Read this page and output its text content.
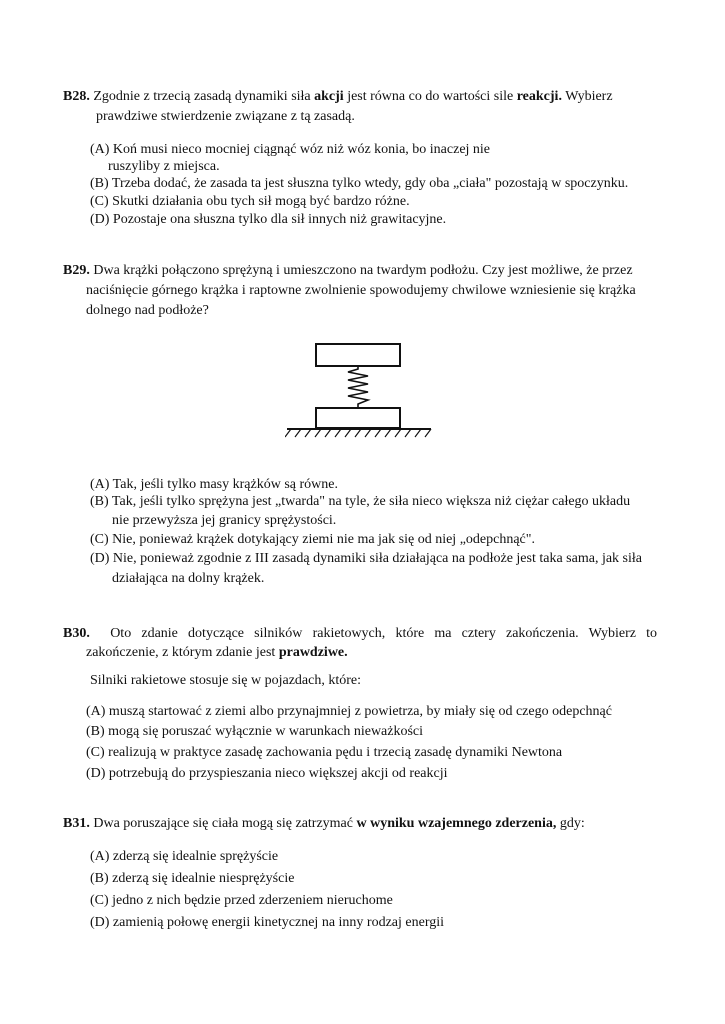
B28. Zgodnie z trzecią zasadą dynamiki siła akcji jest równa co do wartości sile reakcji. Wybierz
prawdziwe stwierdzenie związane z tą zasadą.
(A) Koń musi nieco mocniej ciągnąć wóz niż wóz konia, bo inaczej nie
ruszyliby z miejsca.
(B) Trzeba dodać, że zasada ta jest słuszna tylko wtedy, gdy oba „ciała" pozostają w spoczynku.
(C) Skutki działania obu tych sił mogą być bardzo różne.
(D) Pozostaje ona słuszna tylko dla sił innych niż grawitacyjne.
B29. Dwa krążki połączono sprężyną i umieszczono na twardym podłożu. Czy jest możliwe, że przez
naciśnięcie górnego krążka i raptowne zwolnienie spowodujemy chwilowe wzniesienie się krążka
dolnego nad podłoże?
(A) Tak, jeśli tylko masy krążków są równe.
(B) Tak, jeśli tylko sprężyna jest „twarda" na tyle, że siła nieco większa niż ciężar całego układu
nie przewyższa jej granicy sprężystości.
(C) Nie, ponieważ krążek dotykający ziemi nie ma jak się od niej „odepchnąć".
(D) Nie, ponieważ zgodnie z III zasadą dynamiki siła działająca na podłoże jest taka sama, jak siła
działająca na dolny krążek.
B30. Oto zdanie dotyczące silników rakietowych, które ma cztery zakończenia. Wybierz to
zakończenie, z którym zdanie jest prawdziwe.
Silniki rakietowe stosuje się w pojazdach, które:
(A) muszą startować z ziemi albo przynajmniej z powietrza, by miały się od czego odepchnąć
(B) mogą się poruszać wyłącznie w warunkach nieważkości
(C) realizują w praktyce zasadę zachowania pędu i trzecią zasadę dynamiki Newtona
(D) potrzebują do przyspieszania nieco większej akcji od reakcji
B31. Dwa poruszające się ciała mogą się zatrzymać w wyniku wzajemnego zderzenia, gdy:
(A) zderzą się idealnie sprężyście
(B) zderzą się idealnie niesprężyście
(C) jedno z nich będzie przed zderzeniem nieruchome
(D) zamienią połowę energii kinetycznej na inny rodzaj energii
